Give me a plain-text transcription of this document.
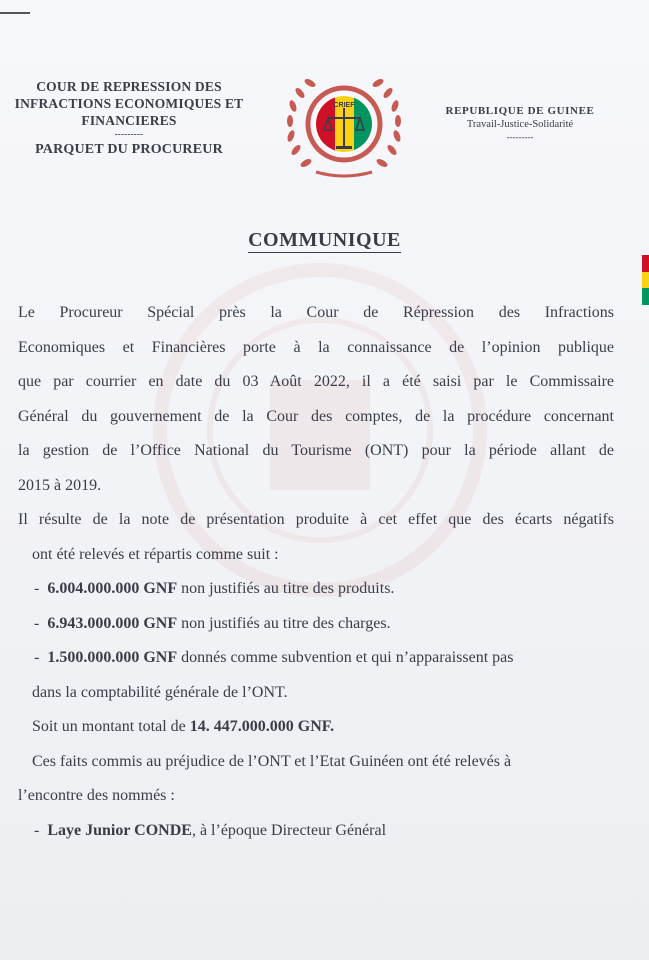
COUR DE REPRESSION DES
INFRACTIONS ECONOMIQUES ET
FINANCIERES
---------
PARQUET DU PROCUREUR
CRIEF	REPUBLIQUE DE GUINEE
Travail-Justice-Solidarité
---------
COMMUNIQUE
Le Procureur Spécial près la Cour de Répression des Infractions
Economiques et Financières porte à la connaissance de l’opinion publique
que par courrier en date du 03 Août 2022, il a été saisi par le Commissaire
Général du gouvernement de la Cour des comptes, de la procédure concernant
la gestion de l’Office National du Tourisme (ONT) pour la période allant de
2015 à 2019.
Il résulte de la note de présentation produite à cet effet que des écarts négatifs
ont été relevés et répartis comme suit :
- 6.004.000.000 GNF non justifiés au titre des produits.
- 6.943.000.000 GNF non justifiés au titre des charges.
- 1.500.000.000 GNF donnés comme subvention et qui n’apparaissent pas
dans la comptabilité générale de l’ONT.
Soit un montant total de 14. 447.000.000 GNF.
Ces faits commis au préjudice de l’ONT et l’Etat Guinéen ont été relevés à
l’encontre des nommés :
- Laye Junior CONDE, à l’époque Directeur Général
